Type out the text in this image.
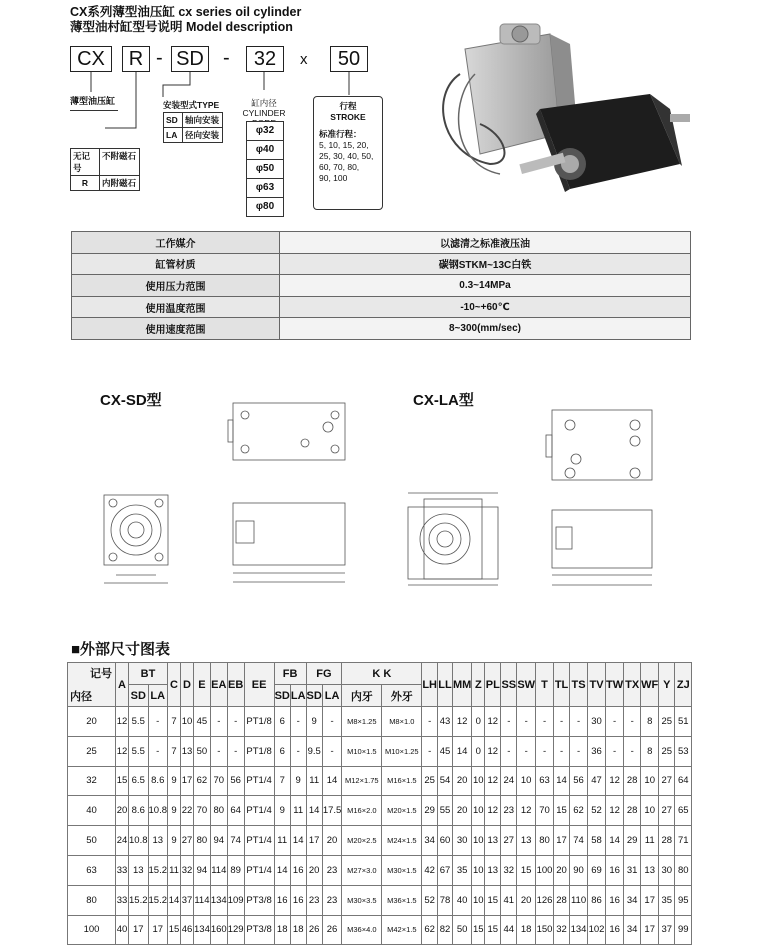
CX系列薄型油压缸 cx series oil cylinder
薄型油村缸型号说明 Model description
CX	R - SD -	32	x	50
薄型油压缸
无记号
不附磁石
R	内附磁石
安装型式TYPE
SD 轴向安装
LA 径向安装
缸内径
CYLINDER
φ32
φ40
φ50
φ63
φ80
行程
STROKE
标准行程：
5, 10, 15, 20,
25, 30, 40, 50,
60, 70, 80,
90, 100
工作媒介	以滤清之标准液压油
缸管材质	碳钢STKM~13C白铁
使用压力范围	0.3~14MPa
使用温度范围	-10~+60℃
使用速度范围	8~300(mm/sec)
CX-SD型	CX-LA型
■外部尺寸图表
记号
内径	A	BT		C	D	E	EA	EB	EE	FB		FG		K K		LH	LL	MM	Z	PL	SS	SW	T	TL	TS	TV	TW	TX	WF	Y	ZJ
		SD	LA							SD	LA	SD	LA	内牙	外牙																
20	12	5.5	-	7	10	45	-	-	PT1/8	6	-	9	-	M8×1.25	M8×1.0	-	43	12	0	12	-	-	-	-	-	30	-	-	8	25	51
25	12	5.5	-	7	13	50	-	-	PT1/8	6	-	9.5	-	M10×1.5	M10×1.25	-	45	14	0	12	-	-	-	-	-	36	-	-	8	25	53
32	15	6.5	8.6	9	17	62	70	56	PT1/4	7	9	11	14	M12×1.75	M16×1.5	25	54	20	10	12	24	10	63	14	56	47	12	28	10	27	64
40	20	8.6	10.8	9	22	70	80	64	PT1/4	9	11	14	17.5	M16×2.0	M20×1.5	29	55	20	10	12	23	12	70	15	62	52	12	28	10	27	65
50	24	10.8	13	9	27	80	94	74	PT1/4	11	14	17	20	M20×2.5	M24×1.5	34	60	30	10	13	27	13	80	17	74	58	14	29	11	28	71
63	33	13	15.2	11	32	94	114	89	PT1/4	14	16	20	23	M27×3.0	M30×1.5	42	67	35	10	13	32	15	100	20	90	69	16	31	13	30	80
80	33	15.2	15.2	14	37	114	134	109	PT3/8	16	16	23	23	M30×3.5	M36×1.5	52	78	40	10	15	41	20	126	28	110	86	16	34	17	35	95
100	40	17	17	15	46	134	160	129	PT3/8	18	18	26	26	M36×4.0	M42×1.5	62	82	50	15	15	44	18	150	32	134	102	16	34	17	37	99
